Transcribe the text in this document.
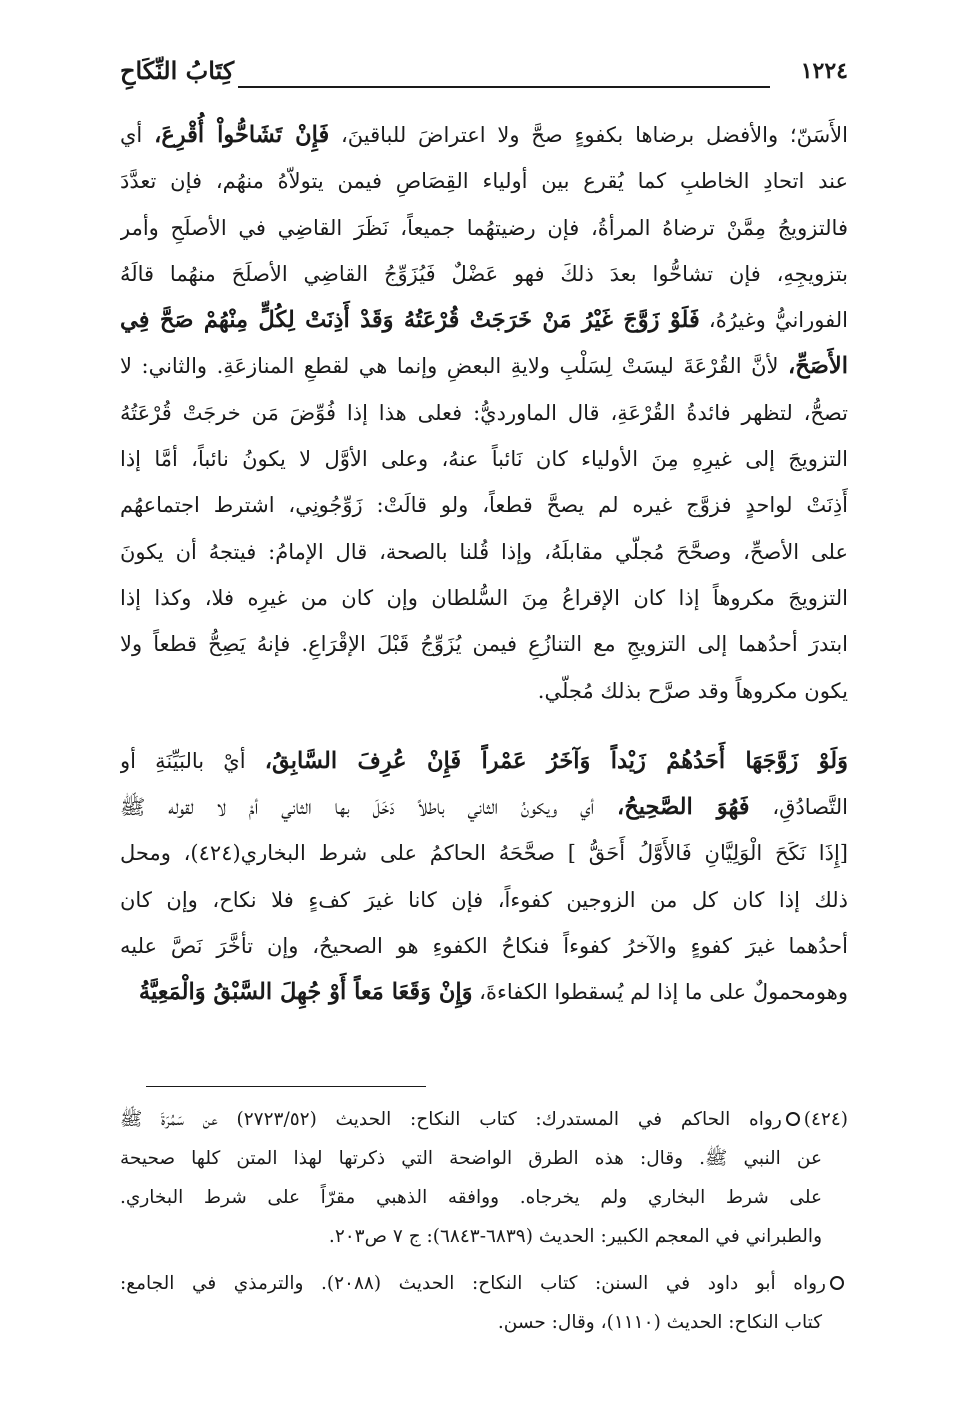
١٢٢٤
كِتَابُ النِّكَاحِ
الأَسَنّ؛ والأفضل برضاها بكفوءٍ صحَّ ولا اعتراضَ للباقينَ، فَإِنْ تَشَاحُّواْ أُقْرِعَ، أي
عند اتحادِ الخاطبِ كما يُقرع بين أولياء القِصَاصِ فيمن يتولاّهُ منهُم، فإن تعدَّدَ
فالتزويجُ مِمَّنْ ترضاهُ المرأةُ، فإن رضيتهُما جميعاً، نَظَرَ القاضِي في الأصلَحِ وأمر
بتزويجِهِ، فإن تشاحُّوا بعدَ ذلكَ فهو عَضْلٌ فَيُزَوِّجُ القاضِي الأصلَحَ منهُما قالَهُ
الفورانيُّ وغيرُهُ، فَلَوْ زَوَّجَ غَيْرُ مَنْ خَرَجَتْ قُرْعَتُهُ وَقَدْ أَذِنَتْ لِكُلٍّ مِنْهُمْ صَحَّ فِي
الأَصَحِّ، لأنَّ القُرْعَةَ ليسَتْ لِسَلْبِ ولايةِ البعضِ وإنما هي لقطعِ المنازعَةِ. والثاني: لا
تصحُّ، لتظهر فائدةُ القُرْعَةِ، قال الماورديُّ: فعلى هذا إذا فُوِّضَ مَن خرجَتْ قُرْعَتُهُ
التزويجَ إلى غيرِهِ مِنَ الأولياء كان نَائباً عنهُ، وعلى الأوَّل لا يكونُ نائباً، أمَّا إذا
أَذِنَتْ لواحدٍ فزوَّج غيره لم يصحَّ قطعاً، ولو قالَتْ: زَوِّجُونِي، اشترط اجتماعهُم
على الأصحِّ، وصحَّحَ مُجلّي مقابلَهُ، وإذا قُلنا بالصحة، قال الإمامُ: فيتجهُ أن يكونَ
التزويجَ مكروهاً إذا كان الإقراعُ مِنَ السُّلطان وإن كان من غيرِه فلا، وكذا إذا
ابتدرَ أحدُهما إلى التزويجِ مع التنازُعِ فيمن يُزَوِّجُ قَبْلَ الإقْرَاعِ. فإنهُ يَصِحُّ قطعاً ولا
يكون مكروهاً وقد صرَّح بذلك مُجلّي.
وَلَوْ زَوَّجَهَا أَحَدُهُمْ زَيْداً وَآخَرُ عَمْراً فَإِنْ عُرِفَ السَّابِقُ، أيْ بالبَيِّنَةِ أو
التَّصادُقِ، فَهُوَ الصَّحِيحُ، أي ويكونُ الثاني باطلاً دَخَلَ بها الثاني أمْ لا لقوله ﷺ
[إِذَا نَكَحَ الْوَلِيَّانِ فَالأَوَّلُ أَحَقُّ ] صحَّحَهُ الحاكمُ على شرط البخاري(٤٢٤)، ومحل
ذلك إذا كان كل من الزوجين كفوءاً، فإن كانا غيرَ كفءٍ فلا نكاح، وإن كان
أحدُهما غيرَ كفوءٍ والآخرُ كفوءاً فنكاحُ الكفوءِ هو الصحيحُ، وإن تأخَّرَ نَصَّ عليه
وهومحمولٌ على ما إذا لم يُسقطوا الكفاءةَ، وَإِنْ وَقَعَا مَعاً أَوْ جُهِلَ السَّبْقُ وَالْمَعِيَّةُ
(٤٢٤)رواه الحاكم في المستدرك: كتاب النكاح: الحديث (٢٧٢٣/٥٢) عن سَمُرَةَ ﷺ
عن النبي ﷺ. وقال: هذه الطرق الواضحة التي ذكرتها لهذا المتن كلها صحيحة
على شرط البخاري ولم يخرجاه. ووافقه الذهبي مقرّاً على شرط البخاري.
والطبراني في المعجم الكبير: الحديث (٦٨٣٩-٦٨٤٣): ج ٧ ص٢٠٣.
رواه أبو داود في السنن: كتاب النكاح: الحديث (٢٠٨٨). والترمذي في الجامع:
كتاب النكاح: الحديث (١١١٠)، وقال: حسن.
